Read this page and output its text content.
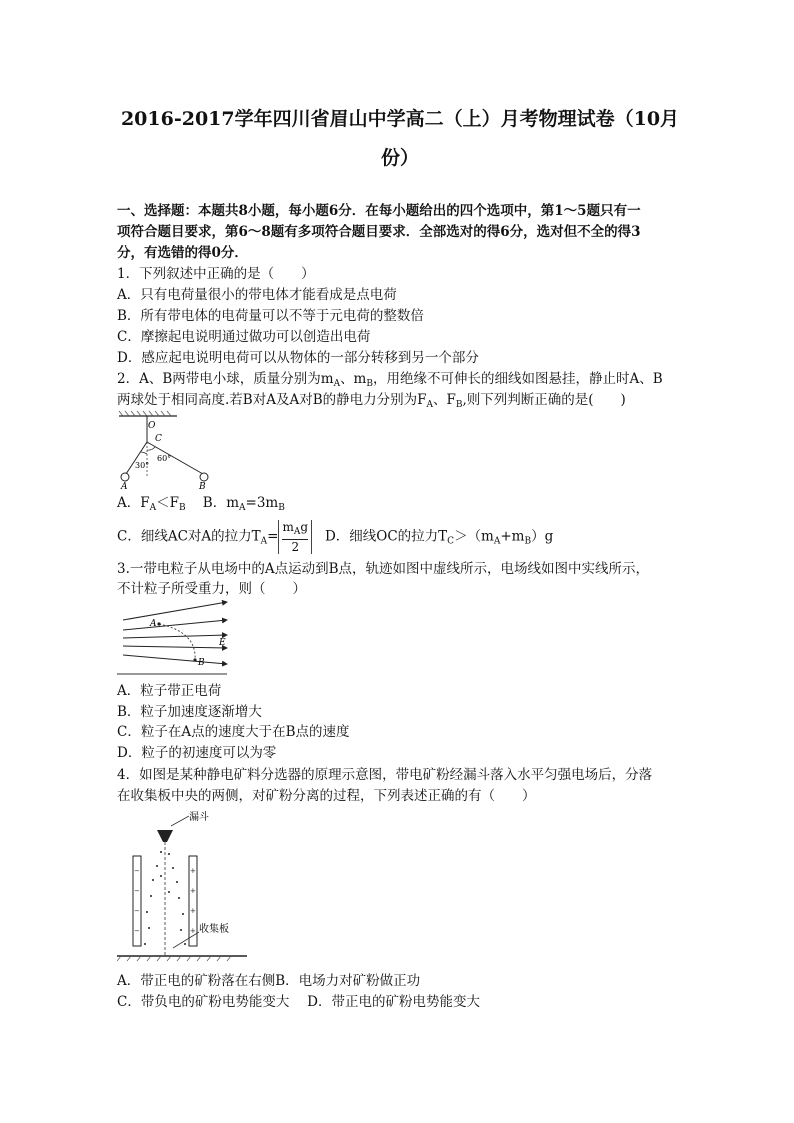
2016-2017学年四川省眉山中学高二（上）月考物理试卷（10月
份）
一、选择题：本题共8小题，每小题6分．在每小题给出的四个选项中，第1～5题只有一
项符合题目要求，第6～8题有多项符合题目要求．全部选对的得6分，选对但不全的得3
分，有选错的得0分．
1．下列叙述中正确的是（　　）
A．只有电荷量很小的带电体才能看成是点电荷
B．所有带电体的电荷量可以不等于元电荷的整数倍
C．摩擦起电说明通过做功可以创造出电荷
D．感应起电说明电荷可以从物体的一部分转移到另一个部分
2．A、B两带电小球，质量分别为$m_A$、$m_B$，用绝缘不可伸长的细线如图悬挂，静止时A、B
两球处于相同高度.若B对A及A对B的静电力分别为$F_A$、$F_B$,则下列判断正确的是(　　)
O
C
A	B
30°
60°
A．$F_A<F_B$ B．$m_A=3m_B$
C．细线AC对A的拉力$T_A= \frac{m_Ag}{2}$ D．细线OC的拉力$T_C>(m_A+m_B)g$
3.一带电粒子从电场中的A点运动到B点，轨迹如图中虚线所示，电场线如图中实线所示，
不计粒子所受重力，则（　　）
A
B
E
A．粒子带正电荷
B．粒子加速度逐渐增大
C．粒子在A点的速度大于在B点的速度
D．粒子的初速度可以为零
4．如图是某种静电矿料分选器的原理示意图，带电矿粉经漏斗落入水平匀强电场后，分落
在收集板中央的两侧，对矿粉分离的过程，下列表述正确的有（　　）
漏斗
−
−
−
−
+
+
+
+ 收集板
A．带正电的矿粉落在右侧B．电场力对矿粉做正功
C．带负电的矿粉电势能变大　 D．带正电的矿粉电势能变大
